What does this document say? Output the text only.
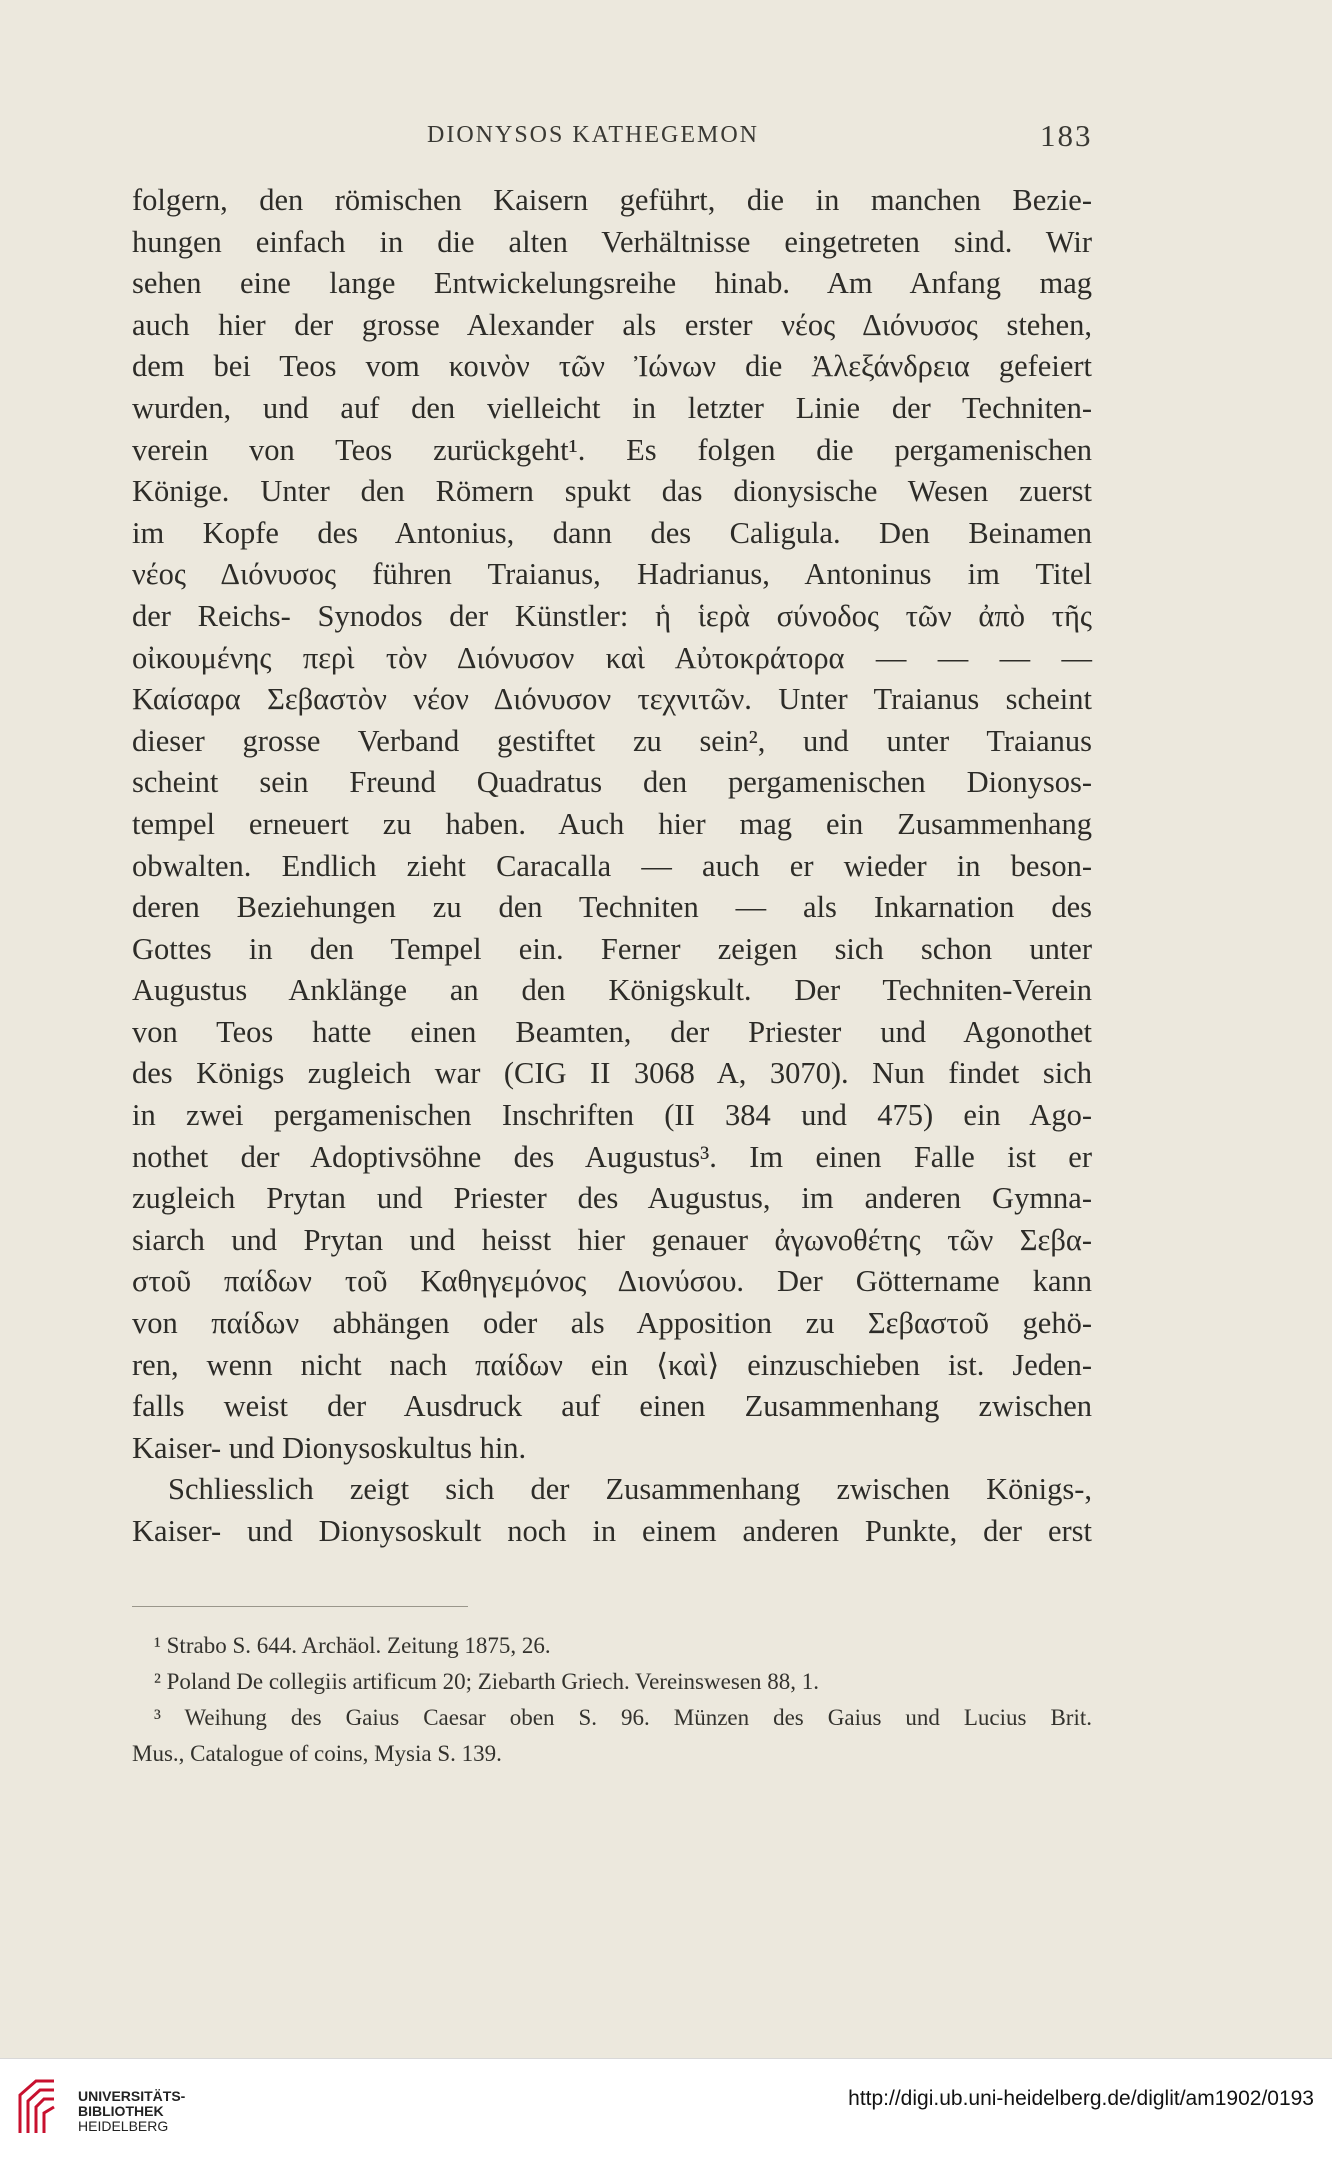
DIONYSOS KATHEGEMON	183
folgern, den römischen Kaisern geführt, die in manchen Bezie-
hungen einfach in die alten Verhältnisse eingetreten sind. Wir
sehen eine lange Entwickelungsreihe hinab. Am Anfang mag
auch hier der grosse Alexander als erster νέος Διόνυσος stehen,
dem bei Teos vom κοινὸν τῶν Ἰώνων die Ἀλεξάνδρεια gefeiert
wurden, und auf den vielleicht in letzter Linie der Techniten-
verein von Teos zurückgeht¹. Es folgen die pergamenischen
Könige. Unter den Römern spukt das dionysische Wesen zuerst
im Kopfe des Antonius, dann des Caligula. Den Beinamen
νέος Διόνυσος führen Traianus, Hadrianus, Antoninus im Titel
der Reichs- Synodos der Künstler: ἡ ἱερὰ σύνοδος τῶν ἀπὸ τῆς
οἰκουμένης περὶ τὸν Διόνυσον καὶ Αὐτοκράτορα — — — —
Καίσαρα Σεβαστὸν νέον Διόνυσον τεχνιτῶν. Unter Traianus scheint
dieser grosse Verband gestiftet zu sein², und unter Traianus
scheint sein Freund Quadratus den pergamenischen Dionysos-
tempel erneuert zu haben. Auch hier mag ein Zusammenhang
obwalten. Endlich zieht Caracalla — auch er wieder in beson-
deren Beziehungen zu den Techniten — als Inkarnation des
Gottes in den Tempel ein. Ferner zeigen sich schon unter
Augustus Anklänge an den Königskult. Der Techniten-Verein
von Teos hatte einen Beamten, der Priester und Agonothet
des Königs zugleich war (CIG II 3068 A, 3070). Nun findet sich
in zwei pergamenischen Inschriften (II 384 und 475) ein Ago-
nothet der Adoptivsöhne des Augustus³. Im einen Falle ist er
zugleich Prytan und Priester des Augustus, im anderen Gymna-
siarch und Prytan und heisst hier genauer ἀγωνοθέτης τῶν Σεβα-
στοῦ παίδων τοῦ Καθηγεμόνος Διονύσου. Der Göttername kann
von παίδων abhängen oder als Apposition zu Σεβαστοῦ gehö-
ren, wenn nicht nach παίδων ein ⟨καὶ⟩ einzuschieben ist. Jeden-
falls weist der Ausdruck auf einen Zusammenhang zwischen
Kaiser- und Dionysoskultus hin.
Schliesslich zeigt sich der Zusammenhang zwischen Königs-,
Kaiser- und Dionysoskult noch in einem anderen Punkte, der erst
¹ Strabo S. 644. Archäol. Zeitung 1875, 26.
² Poland De collegiis artificum 20; Ziebarth Griech. Vereinswesen 88, 1.
³ Weihung des Gaius Caesar oben S. 96. Münzen des Gaius und Lucius Brit.
Mus., Catalogue of coins, Mysia S. 139.
UNIVERSITÄTS-
BIBLIOTHEK
HEIDELBERG
http://digi.ub.uni-heidelberg.de/diglit/am1902/0193
